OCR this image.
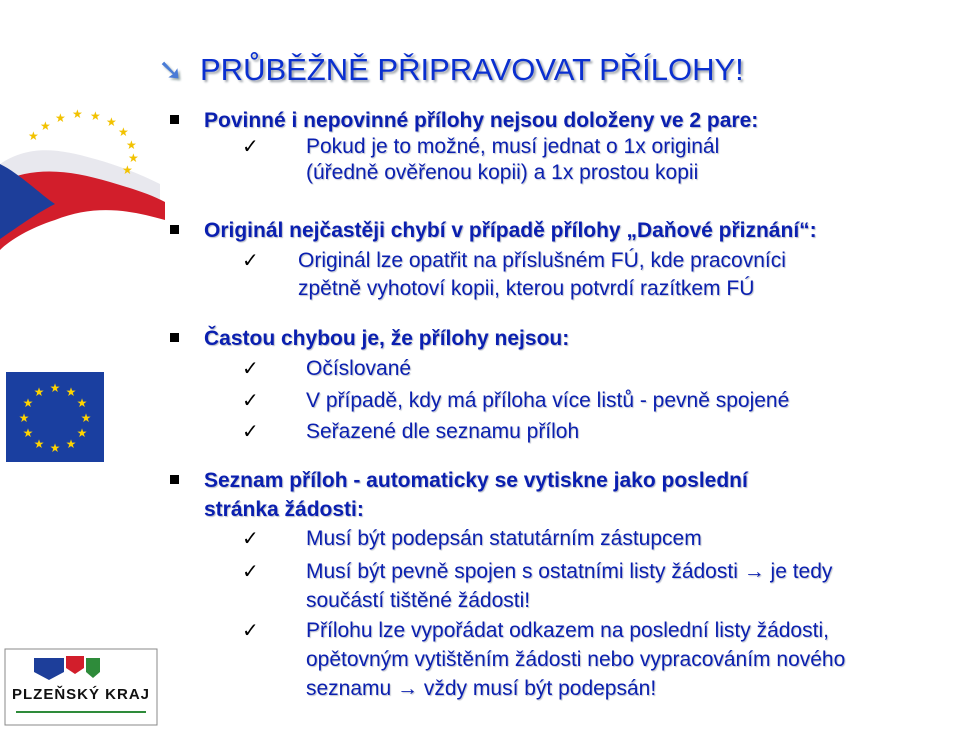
➘ PRŮBĚŽNĚ PŘIPRAVOVAT PŘÍLOHY!
★ ★ ★ ★
★
★
★
★
★
★
★ ★
★
★
★
★
★
★
★
★
★
★
PLZEŇSKÝ KRAJ
Povinné i nepovinné přílohy nejsou doloženy ve 2 pare:
✓ Pokud je to možné, musí jednat o 1x originál
(úředně ověřenou kopii) a 1x prostou kopii
Originál nejčastěji chybí v případě přílohy „Daňové přiznání“:
✓ Originál lze opatřit na příslušném FÚ, kde pracovníci
zpětně vyhotoví kopii, kterou potvrdí razítkem FÚ
Častou chybou je, že přílohy nejsou:
✓ Očíslované
✓ V případě, kdy má příloha více listů - pevně spojené
✓ Seřazené dle seznamu příloh
Seznam příloh - automaticky se vytiskne jako poslední
stránka žádosti:
✓ Musí být podepsán statutárním zástupcem
✓ Musí být pevně spojen s ostatními listy žádosti → je tedy
součástí tištěné žádosti!
✓ Přílohu lze vypořádat odkazem na poslední listy žádosti,
opětovným vytištěním žádosti nebo vypracováním nového
seznamu → vždy musí být podepsán!
